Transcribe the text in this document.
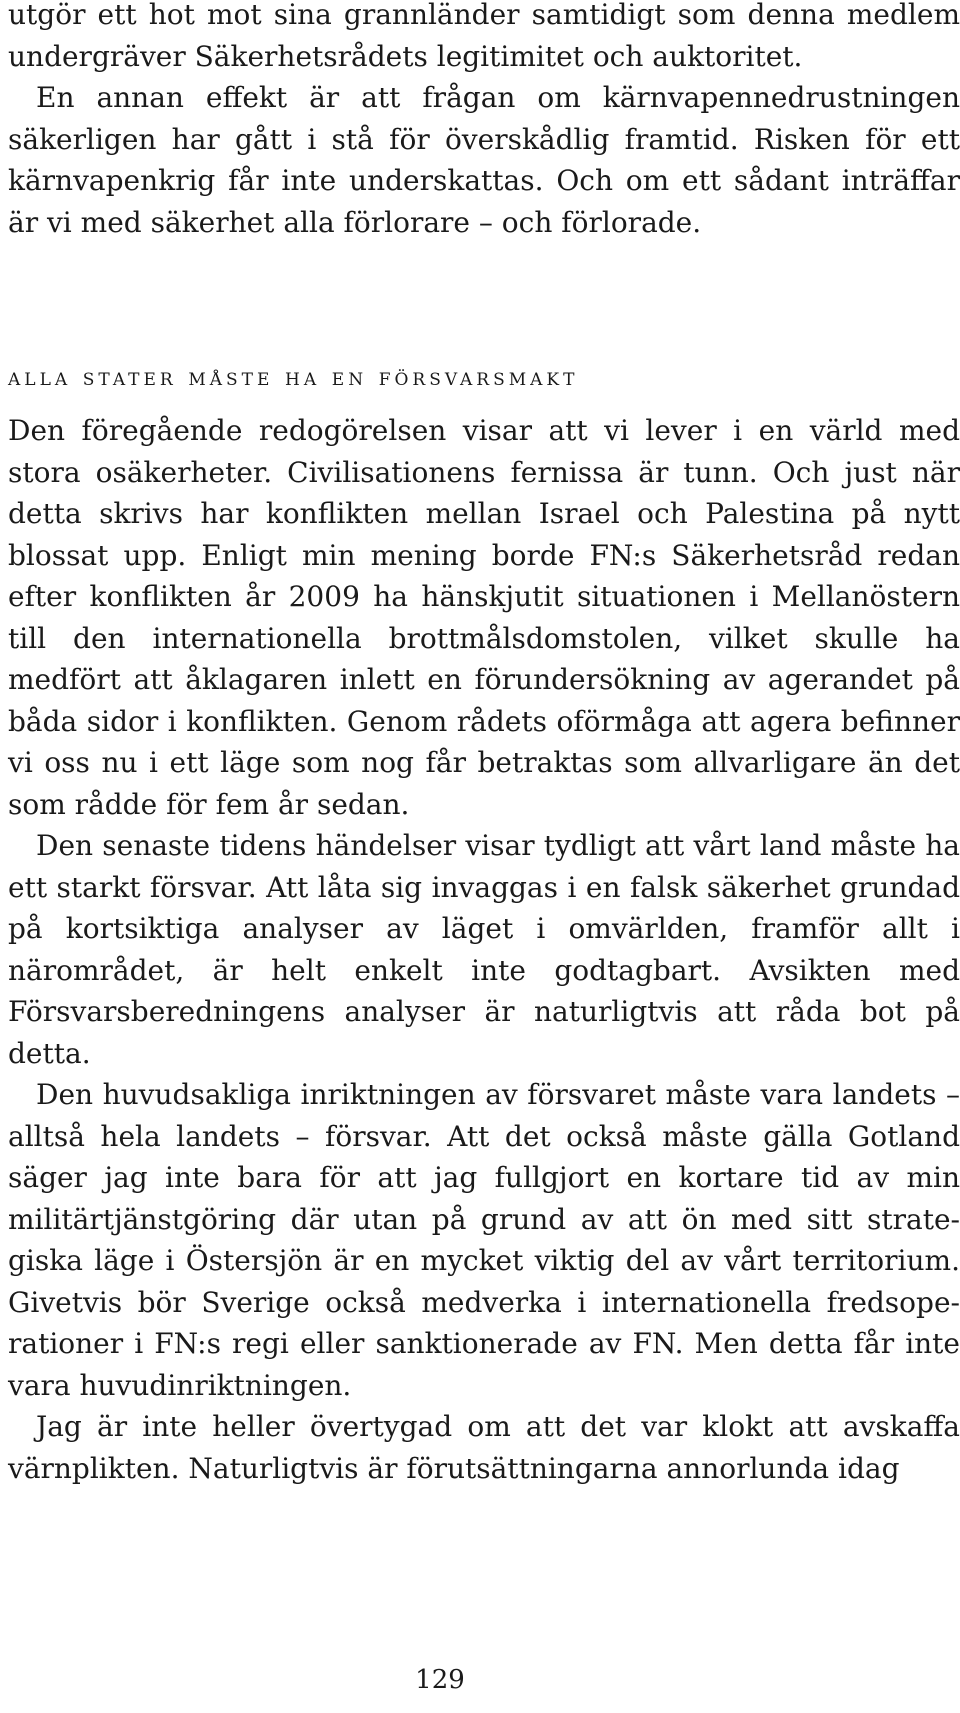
utgör ett hot mot sina grannländer samtidigt som denna medlem undergräver Säkerhetsrådets legitimitet och auktoritet.

En annan effekt är att frågan om kärnvapennedrustningen säkerligen har gått i stå för överskådlig framtid. Risken för ett kärnvapenkrig får inte underskattas. Och om ett sådant inträffar är vi med säkerhet alla förlorare – och förlorade.

alla stater måste ha en försvarsmakt

Den föregående redogörelsen visar att vi lever i en värld med stora osäkerheter. Civilisationens fernissa är tunn. Och just när detta skrivs har konflikten mellan Israel och Palestina på nytt blossat upp. Enligt min mening borde FN:s Säkerhetsråd redan efter konflikten år 2009 ha hänskjutit situationen i Mellanöstern till den internationella brottmålsdomstolen, vilket skulle ha medfört att åklagaren inlett en förundersökning av agerandet på båda sidor i konflikten. Genom rådets oförmåga att agera befinner vi oss nu i ett läge som nog får betraktas som allvarligare än det som rådde för fem år sedan.

Den senaste tidens händelser visar tydligt att vårt land måste ha ett starkt försvar. Att låta sig invaggas i en falsk säkerhet grundad på kortsiktiga analyser av läget i omvärlden, framför allt i närområdet, är helt enkelt inte godtagbart. Avsikten med Försvarsberedningens analyser är naturligtvis att råda bot på detta.

Den huvudsakliga inriktningen av försvaret måste vara landets – alltså hela landets – försvar. Att det också måste gälla Gotland säger jag inte bara för att jag fullgjort en kortare tid av min militärtjänstgöring där utan på grund av att ön med sitt strategiska läge i Östersjön är en mycket viktig del av vårt territorium. Givetvis bör Sverige också medverka i internationella fredsoperationer i FN:s regi eller sanktionerade av FN. Men detta får inte vara huvudinriktningen.

Jag är inte heller övertygad om att det var klokt att avskaffa värnplikten. Naturligtvis är förutsättningarna annorlunda idag

129
